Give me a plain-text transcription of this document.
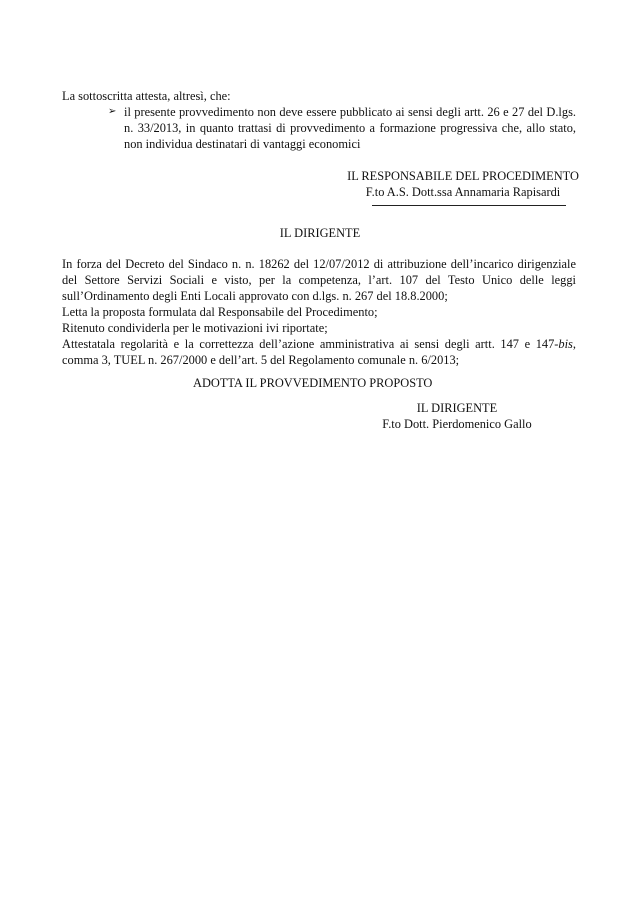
La sottoscritta attesta, altresì, che:
➢ il presente provvedimento non deve essere pubblicato ai sensi degli artt. 26 e 27 del D.lgs. n. 33/2013, in quanto trattasi di provvedimento a formazione progressiva che, allo stato, non individua destinatari di vantaggi economici
IL RESPONSABILE DEL PROCEDIMENTO
F.to A.S. Dott.ssa Annamaria Rapisardi
IL DIRIGENTE
In forza del Decreto del Sindaco n. n. 18262 del 12/07/2012 di attribuzione dell’incarico dirigenziale del Settore Servizi Sociali e visto, per la competenza, l’art. 107 del Testo Unico delle leggi sull’Ordinamento degli Enti Locali approvato con d.lgs. n. 267 del 18.8.2000;
Letta la proposta formulata dal Responsabile del Procedimento;
Ritenuto condividerla per le motivazioni ivi riportate;
Attestatala regolarità e la correttezza dell’azione amministrativa ai sensi degli artt. 147 e 147-bis,
comma 3, TUEL n. 267/2000 e dell’art. 5 del Regolamento comunale n. 6/2013;
ADOTTA IL PROVVEDIMENTO PROPOSTO
IL DIRIGENTE
F.to Dott. Pierdomenico Gallo
